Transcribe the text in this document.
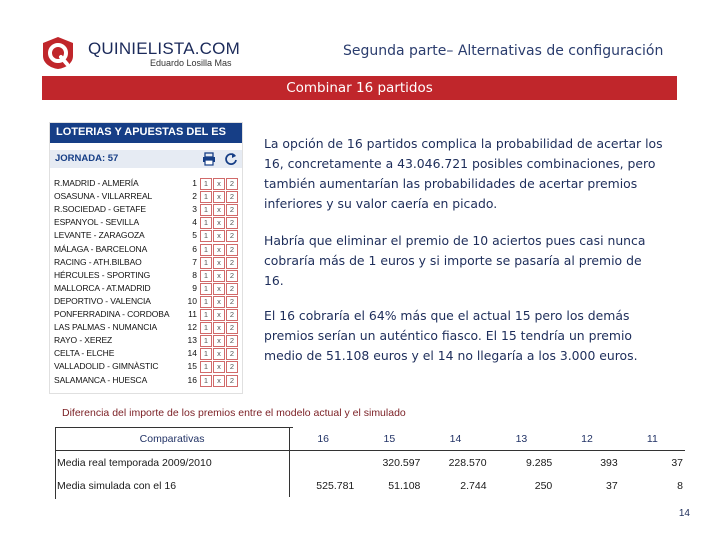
QUINIELISTA.COM
Eduardo Losilla Mas
Segunda parte– Alternativas de configuración
Combinar 16 partidos
LOTERIAS Y APUESTAS DEL ES
JORNADA: 57
R.MADRID - ALMERÍA	1 1	x	2
OSASUNA - VILLARREAL	2 1	x	2
R.SOCIEDAD - GETAFE	3 1	x	2
ESPANYOL - SEVILLA	4 1	x	2
LEVANTE - ZARAGOZA	5 1	x	2
MÁLAGA - BARCELONA	6 1	x	2
RACING - ATH.BILBAO	7 1	x	2
HÉRCULES - SPORTING	8 1	x	2
MALLORCA - AT.MADRID	9 1	x	2
DEPORTIVO - VALENCIA	10 1	x	2
PONFERRADINA - CORDOBA	11 1	x	2
LAS PALMAS - NUMANCIA	12 1	x	2
RAYO - XEREZ	13 1	x	2
CELTA - ELCHE	14 1	x	2
VALLADOLID - GIMNÀSTIC	15 1	x	2
SALAMANCA - HUESCA	16 1	x	2
La opción de 16 partidos complica la probabilidad de acertar los 16, concretamente a 43.046.721 posibles combinaciones, pero también aumentarían las probabilidades de acertar premios inferiores y su valor caería en picado.
Habría que eliminar el premio de 10 aciertos pues casi nunca cobraría más de 1 euros y si importe se pasaría al premio de 16.
El 16 cobraría el 64% más que el actual 15 pero los demás premios serían un auténtico fiasco. El 15 tendría un premio medio de 51.108 euros y el 14 no llegaría a los 3.000 euros.
Diferencia del importe de los premios entre el modelo actual y el simulado
Comparativas	16	15	14	13	12	11
Media real temporada 2009/2010		320.597	228.570	9.285	393	37
Media simulada con el 16	525.781	51.108	2.744	250	37	8
14
